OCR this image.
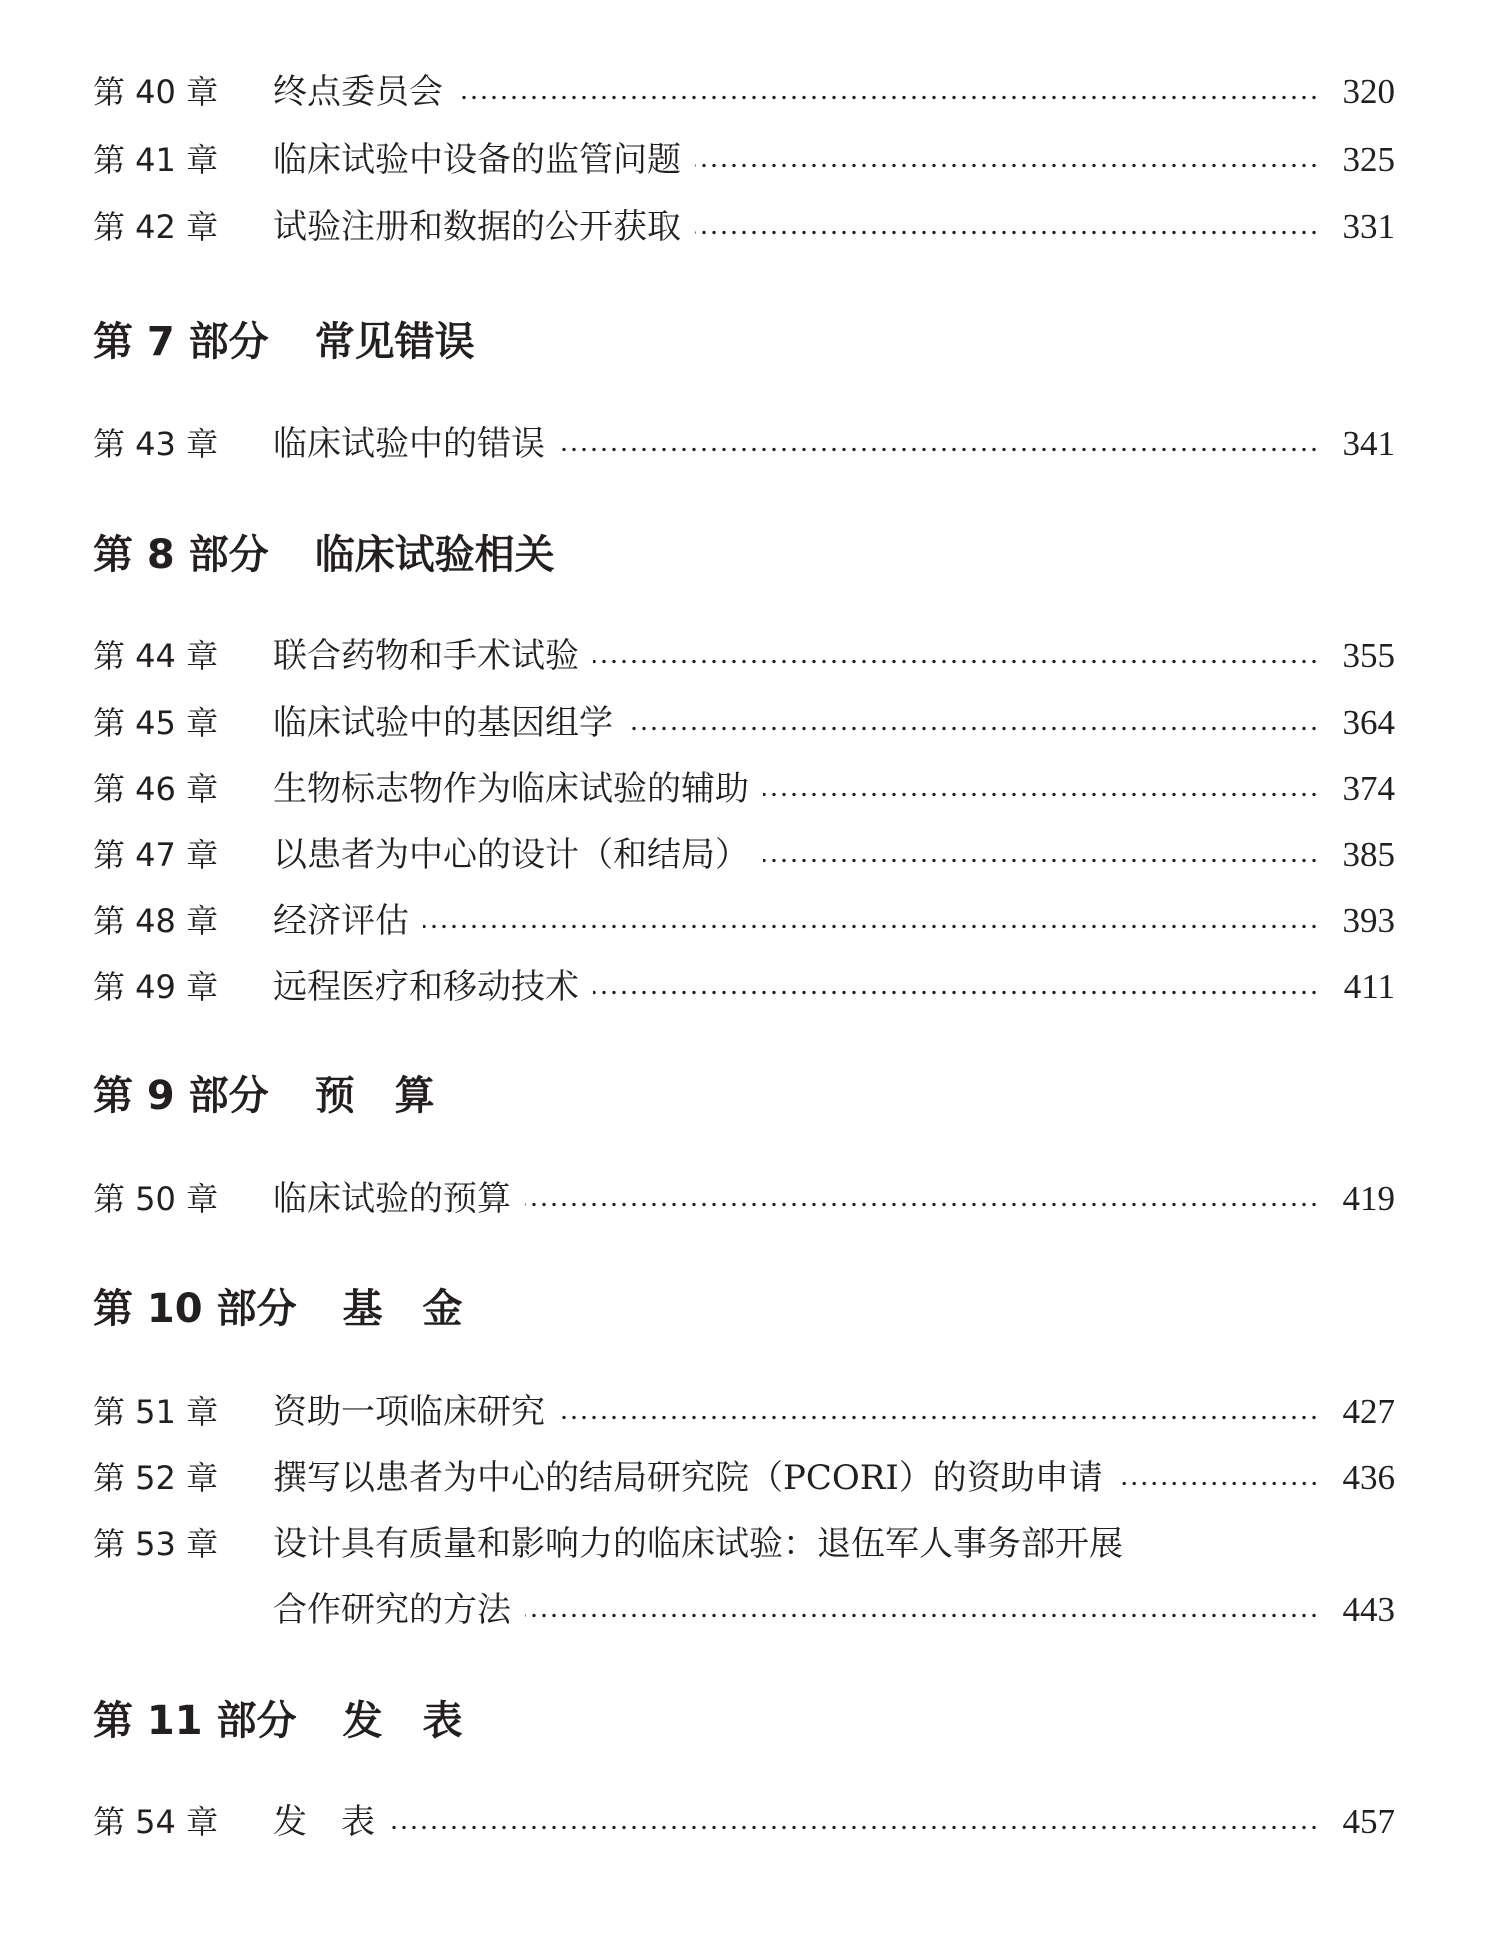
第 40 章	终点委员会	320
第 41 章	临床试验中设备的监管问题	325
第 42 章	试验注册和数据的公开获取	331
第 7 部分 常见错误
第 43 章	临床试验中的错误	341
第 8 部分 临床试验相关
第 44 章	联合药物和手术试验	355
第 45 章	临床试验中的基因组学	364
第 46 章	生物标志物作为临床试验的辅助	374
第 47 章	以患者为中心的设计（和结局）	385
第 48 章	经济评估	393
第 49 章	远程医疗和移动技术	411
第 9 部分 预　算
第 50 章	临床试验的预算	419
第 10 部分 基　金
第 51 章	资助一项临床研究	427
第 52 章	撰写以患者为中心的结局研究院（PCORI）的资助申请	436
第 53 章	设计具有质量和影响力的临床试验：退伍军人事务部开展
合作研究的方法	443
第 11 部分 发　表
第 54 章	发　表	457
